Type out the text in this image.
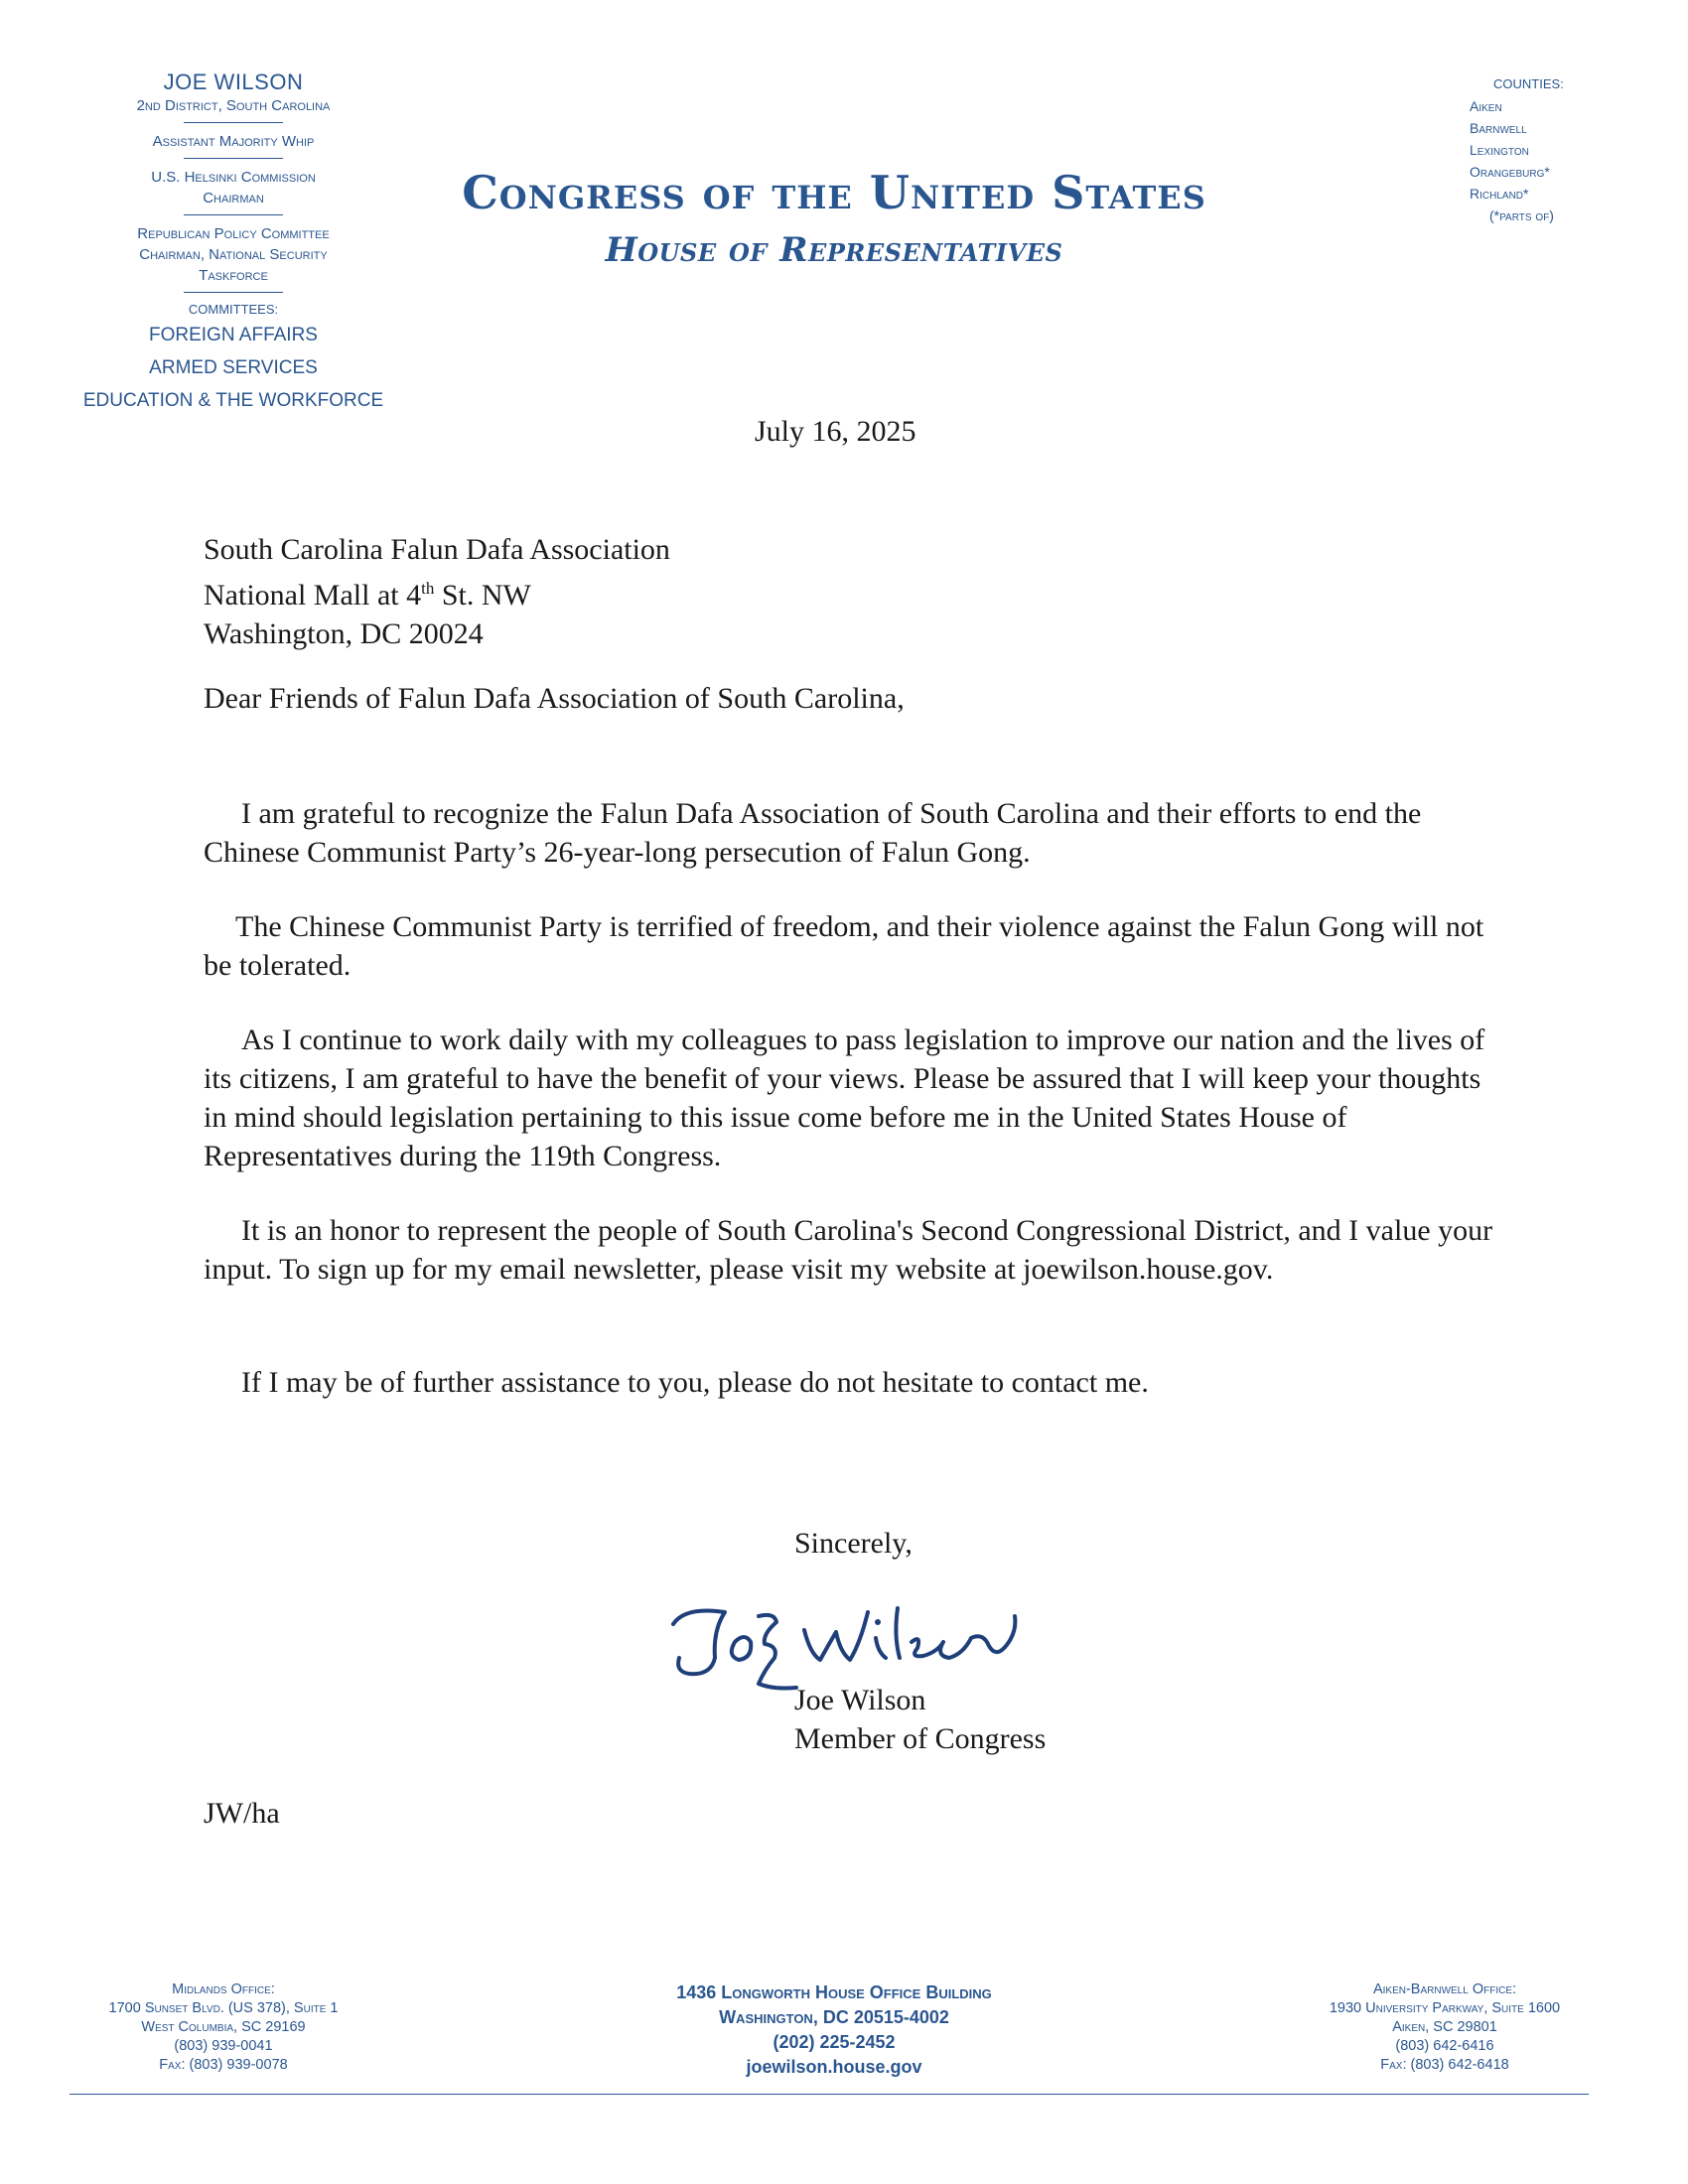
JOE WILSON
2nd District, South Carolina
Assistant Majority Whip
U.S. Helsinki Commission
Chairman
Republican Policy Committee
Chairman, National Security
Taskforce
COMMITTEES:
FOREIGN AFFAIRS
ARMED SERVICES
EDUCATION & THE WORKFORCE
Congress of the United States
House of Representatives
COUNTIES:
Aiken
Barnwell
Lexington
Orangeburg*
Richland*
(*parts of)
July 16, 2025
South Carolina Falun Dafa Association
National Mall at 4th St. NW
Washington, DC 20024
Dear Friends of Falun Dafa Association of South Carolina,
I am grateful to recognize the Falun Dafa Association of South Carolina and their efforts to end the Chinese Communist Party’s 26-year-long persecution of Falun Gong.
The Chinese Communist Party is terrified of freedom, and their violence against the Falun Gong will not be tolerated.
As I continue to work daily with my colleagues to pass legislation to improve our nation and the lives of its citizens, I am grateful to have the benefit of your views. Please be assured that I will keep your thoughts in mind should legislation pertaining to this issue come before me in the United States House of Representatives during the 119th Congress.
It is an honor to represent the people of South Carolina's Second Congressional District, and I value your input. To sign up for my email newsletter, please visit my website at joewilson.house.gov.
If I may be of further assistance to you, please do not hesitate to contact me.
Sincerely,
Joe Wilson
Member of Congress
JW/ha
Midlands Office:
1700 Sunset Blvd. (US 378), Suite 1
West Columbia, SC 29169
(803) 939-0041
Fax: (803) 939-0078
1436 Longworth House Office Building
Washington, DC 20515-4002
(202) 225-2452
joewilson.house.gov
Aiken-Barnwell Office:
1930 University Parkway, Suite 1600
Aiken, SC 29801
(803) 642-6416
Fax: (803) 642-6418
